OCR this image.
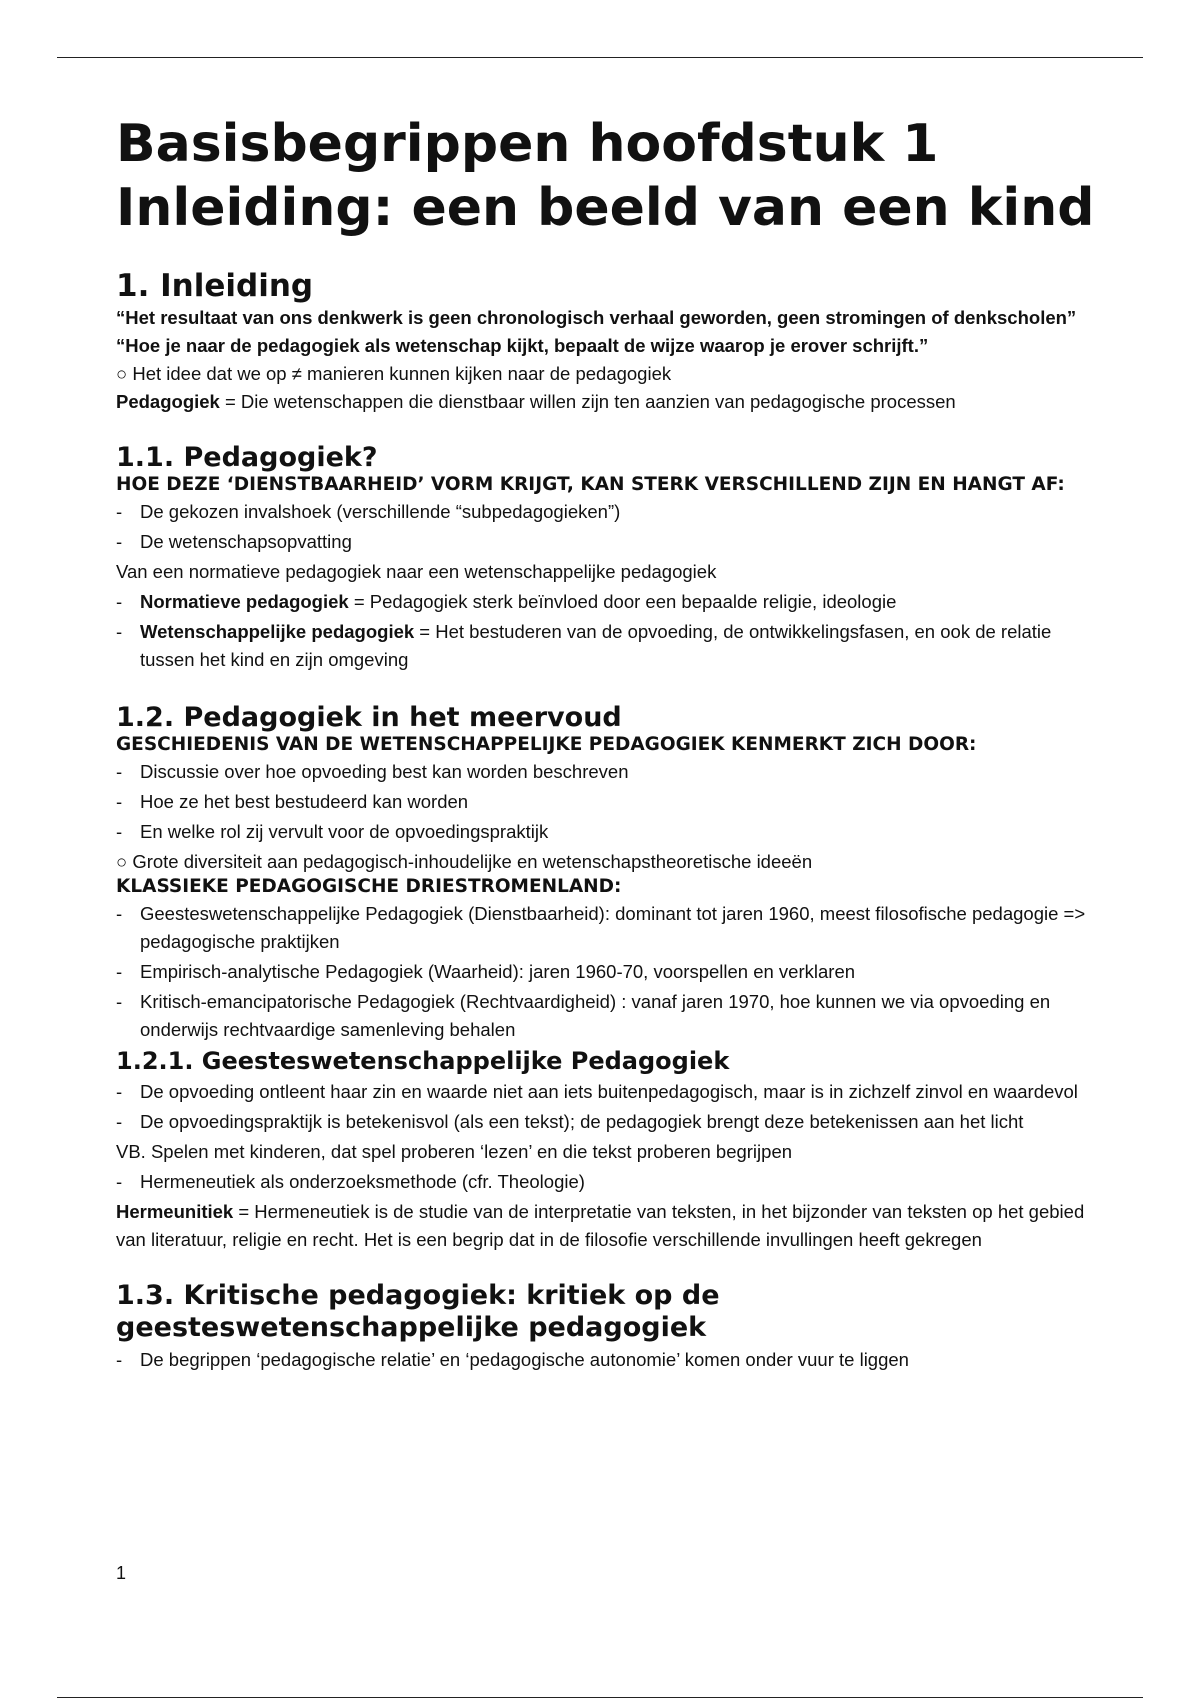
Basisbegrippen hoofdstuk 1
Inleiding: een beeld van een kind
1. Inleiding

“Het resultaat van ons denkwerk is geen chronologisch verhaal geworden, geen stromingen of denkscholen”

“Hoe je naar de pedagogiek als wetenschap kijkt, bepaalt de wijze waarop je erover schrijft.”

○ Het idee dat we op ≠ manieren kunnen kijken naar de pedagogiek

Pedagogiek = Die wetenschappen die dienstbaar willen zijn ten aanzien van pedagogische processen

1.1. Pedagogiek?
HOE DEZE ‘DIENSTBAARHEID’ VORM KRIJGT, KAN STERK VERSCHILLEND ZIJN EN HANGT AF:
- De gekozen invalshoek (verschillende “subpedagogieken”)
- De wetenschapsopvatting

Van een normatieve pedagogiek naar een wetenschappelijke pedagogiek

- Normatieve pedagogiek = Pedagogiek sterk beïnvloed door een bepaalde religie, ideologie
- Wetenschappelijke pedagogiek = Het bestuderen van de opvoeding, de ontwikkelingsfasen, en ook de relatie tussen het kind en zijn omgeving
1.2. Pedagogiek in het meervoud
GESCHIEDENIS VAN DE WETENSCHAPPELIJKE PEDAGOGIEK KENMERKT ZICH DOOR:
- Discussie over hoe opvoeding best kan worden beschreven
- Hoe ze het best bestudeerd kan worden
- En welke rol zij vervult voor de opvoedingspraktijk

○ Grote diversiteit aan pedagogisch-inhoudelijke en wetenschapstheoretische ideeën

KLASSIEKE PEDAGOGISCHE DRIESTROMENLAND:
- Geesteswetenschappelijke Pedagogiek (Dienstbaarheid): dominant tot jaren 1960, meest filosofische pedagogie => pedagogische praktijken
- Empirisch-analytische Pedagogiek (Waarheid): jaren 1960-70, voorspellen en verklaren
- Kritisch-emancipatorische Pedagogiek (Rechtvaardigheid) : vanaf jaren 1970, hoe kunnen we via opvoeding en onderwijs rechtvaardige samenleving behalen
1.2.1. Geesteswetenschappelijke Pedagogiek
- De opvoeding ontleent haar zin en waarde niet aan iets buitenpedagogisch, maar is in zichzelf zinvol en waardevol
- De opvoedingspraktijk is betekenisvol (als een tekst); de pedagogiek brengt deze betekenissen aan het licht

VB. Spelen met kinderen, dat spel proberen ‘lezen’ en die tekst proberen begrijpen

- Hermeneutiek als onderzoeksmethode (cfr. Theologie)

Hermeunitiek = Hermeneutiek is de studie van de interpretatie van teksten, in het bijzonder van teksten op het gebied van literatuur, religie en recht. Het is een begrip dat in de filosofie verschillende invullingen heeft gekregen

1.3. Kritische pedagogiek: kritiek op de geesteswetenschappelijke pedagogiek
- De begrippen ‘pedagogische relatie’ en ‘pedagogische autonomie’ komen onder vuur te liggen
1
